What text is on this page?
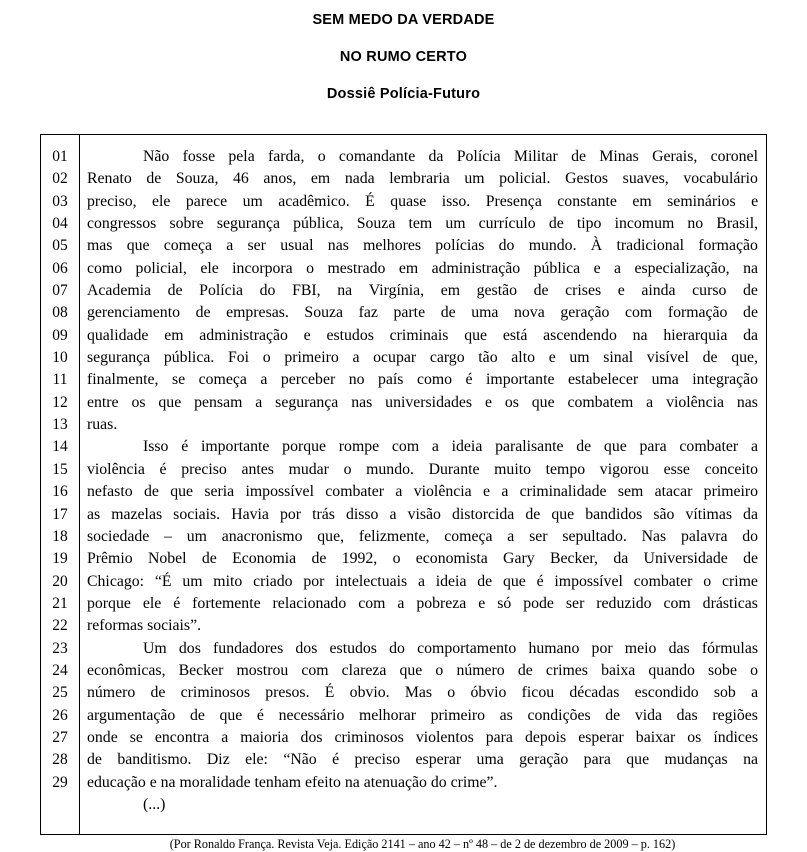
SEM MEDO DA VERDADE
NO RUMO CERTO
Dossiê Polícia-Futuro
01
02
03
04
05
06
07
08
09
10
11
12
13
14
15
16
17
18
19
20
21
22
23
24
25
26
27
28
29
Não fosse pela farda, o comandante da Polícia Militar de Minas Gerais, coronel
Renato de Souza, 46 anos, em nada lembraria um policial. Gestos suaves, vocabulário
preciso, ele parece um acadêmico. É quase isso. Presença constante em seminários e
congressos sobre segurança pública, Souza tem um currículo de tipo incomum no Brasil,
mas que começa a ser usual nas melhores polícias do mundo. À tradicional formação
como policial, ele incorpora o mestrado em administração pública e a especialização, na
Academia de Polícia do FBI, na Virgínia, em gestão de crises e ainda curso de
gerenciamento de empresas. Souza faz parte de uma nova geração com formação de
qualidade em administração e estudos criminais que está ascendendo na hierarquia da
segurança pública. Foi o primeiro a ocupar cargo tão alto e um sinal visível de que,
finalmente, se começa a perceber no país como é importante estabelecer uma integração
entre os que pensam a segurança nas universidades e os que combatem a violência nas
ruas.
Isso é importante porque rompe com a ideia paralisante de que para combater a
violência é preciso antes mudar o mundo. Durante muito tempo vigorou esse conceito
nefasto de que seria impossível combater a violência e a criminalidade sem atacar primeiro
as mazelas sociais. Havia por trás disso a visão distorcida de que bandidos são vítimas da
sociedade – um anacronismo que, felizmente, começa a ser sepultado. Nas palavra do
Prêmio Nobel de Economia de 1992, o economista Gary Becker, da Universidade de
Chicago: “É um mito criado por intelectuais a ideia de que é impossível combater o crime
porque ele é fortemente relacionado com a pobreza e só pode ser reduzido com drásticas
reformas sociais”.
Um dos fundadores dos estudos do comportamento humano por meio das fórmulas
econômicas, Becker mostrou com clareza que o número de crimes baixa quando sobe o
número de criminosos presos. É obvio. Mas o óbvio ficou décadas escondido sob a
argumentação de que é necessário melhorar primeiro as condições de vida das regiões
onde se encontra a maioria dos criminosos violentos para depois esperar baixar os índices
de banditismo. Diz ele: “Não é preciso esperar uma geração para que mudanças na
educação e na moralidade tenham efeito na atenuação do crime”.
(...)
(Por Ronaldo França. Revista Veja. Edição 2141 – ano 42 – nº 48 – de 2 de dezembro de 2009 – p. 162)
